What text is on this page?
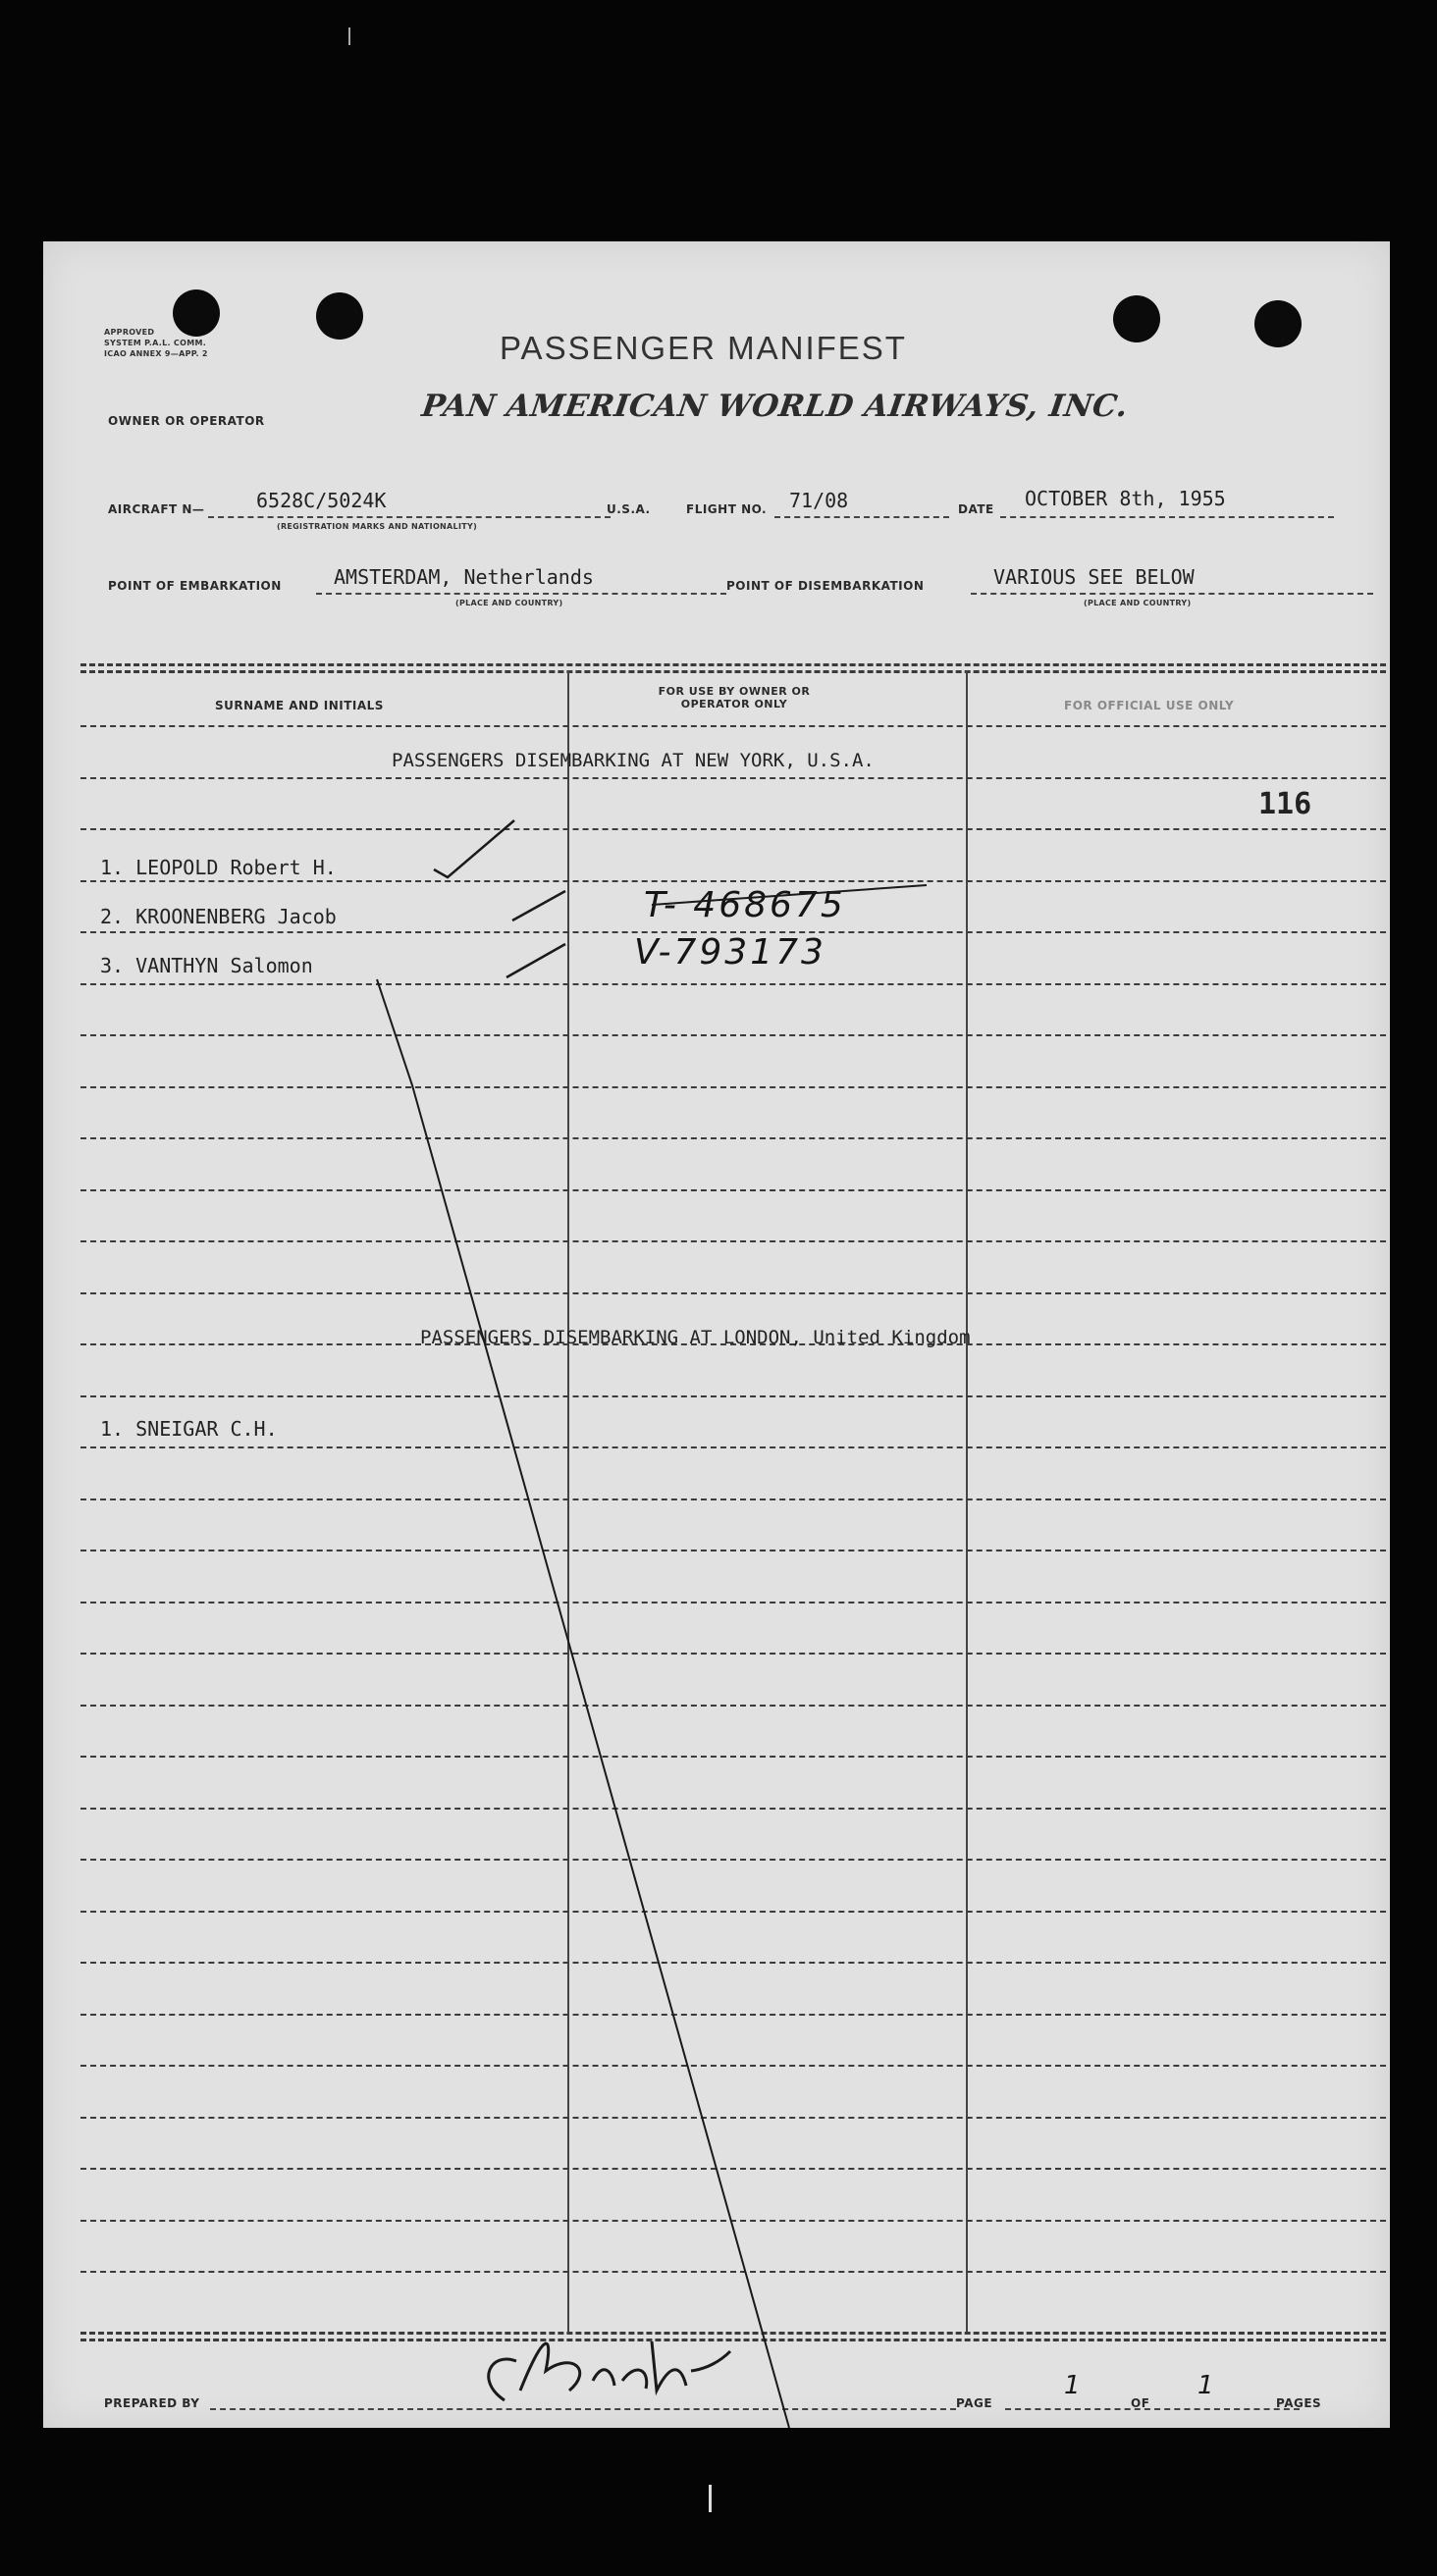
APPROVED
SYSTEM P.A.L. COMM.
ICAO ANNEX 9—APP. 2	PASSENGER MANIFEST
OWNER OR OPERATOR	PAN AMERICAN WORLD AIRWAYS, INC.
AIRCRAFT N—	6528C/5024K
(REGISTRATION MARKS AND NATIONALITY)
U.S.A.	FLIGHT NO. 71/08	DATE OCTOBER 8th, 1955
POINT OF EMBARKATION	AMSTERDAM, Netherlands
(PLACE AND COUNTRY)
POINT OF DISEMBARKATION	VARIOUS SEE BELOW
(PLACE AND COUNTRY)
SURNAME AND INITIALS
FOR USE BY OWNER OR OPERATOR ONLY	FOR OFFICIAL USE ONLY
PASSENGERS DISEMBARKING AT NEW YORK, U.S.A.
116
1. LEOPOLD Robert H.
2. KROONENBERG Jacob	T- 468675
3. VANTHYN Salomon	V-793173
PASSENGERS DISEMBARKING AT LONDON, United Kingdom
1. SNEIGAR C.H.
PREPARED BY	PAGE
1
OF
1
PAGES
